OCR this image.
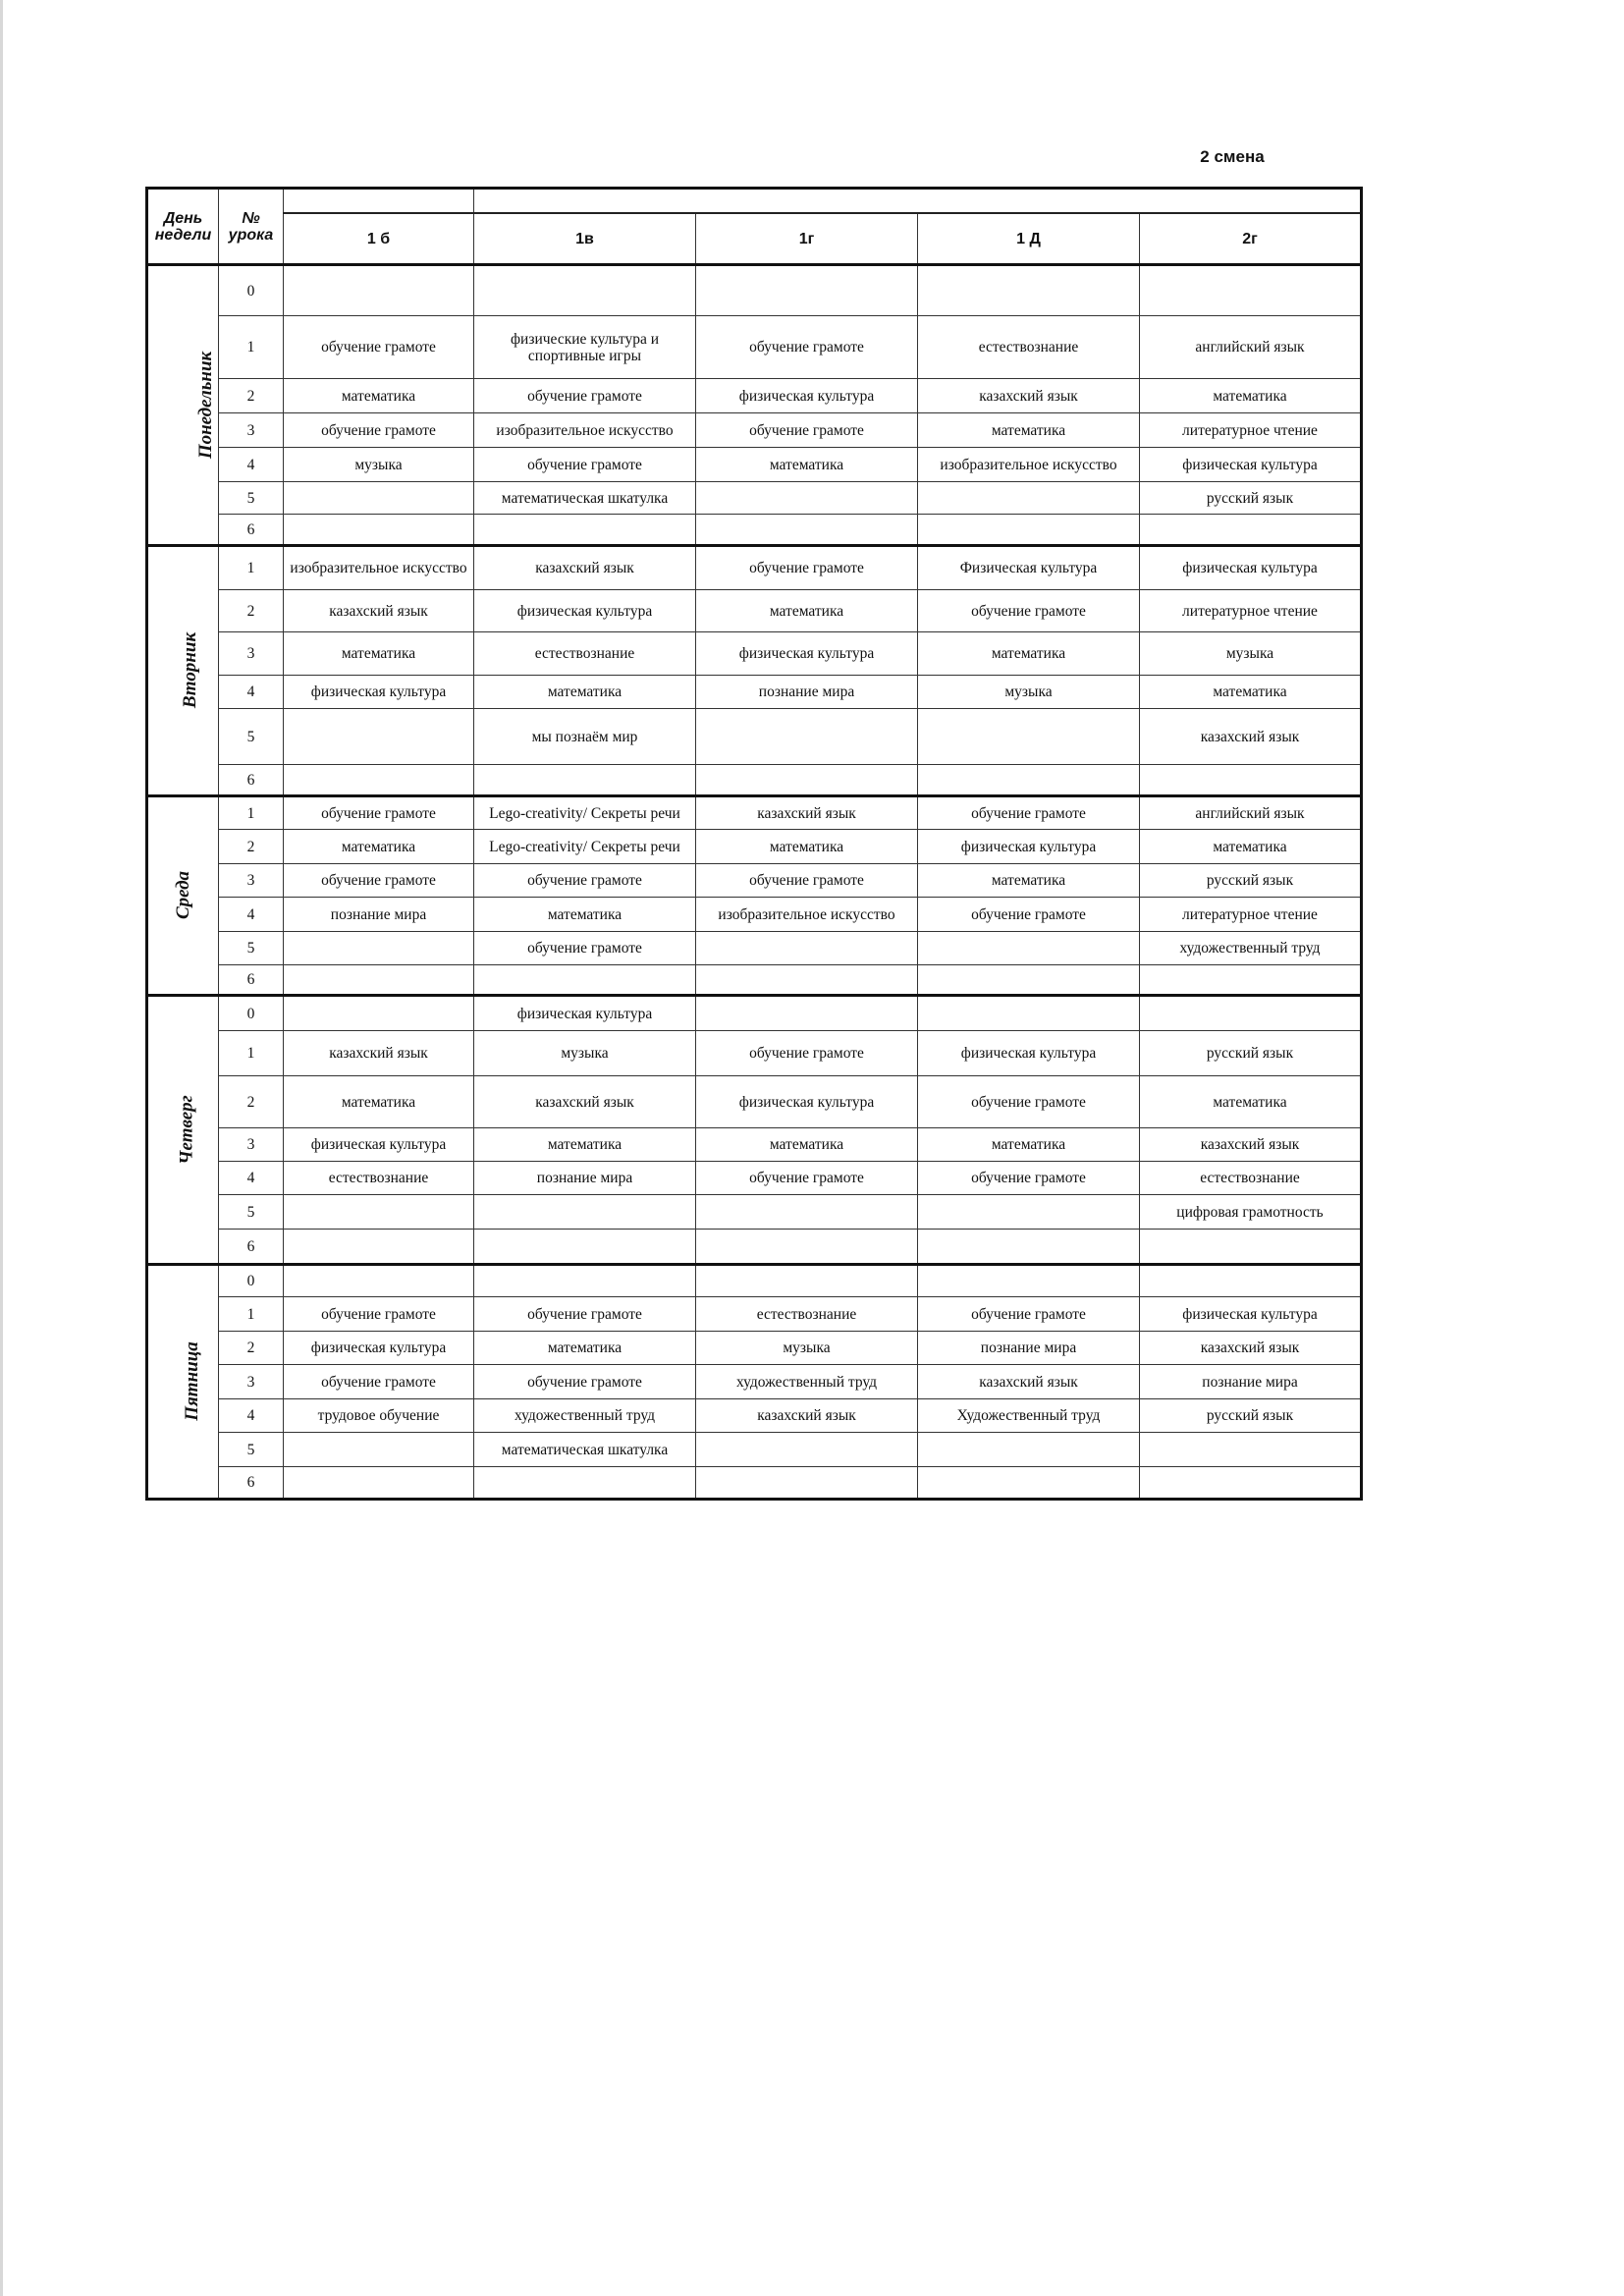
2 смена
День недели	№ урока					
		1 б	1в	1г	1 Д	2г
Понедельник	0					
	1	обучение грамоте	физические культура и спортивные игры	обучение грамоте	естествознание	английский язык
	2	математика	обучение грамоте	физическая культура	казахский язык	математика
	3	обучение грамоте	изобразительное искусство	обучение грамоте	математика	литературное чтение
	4	музыка	обучение грамоте	математика	изобразительное искусство	физическая культура
	5		математическая шкатулка			русский язык
	6					
Вторник	1	изобразительное искусство	казахский язык	обучение грамоте	Физическая культура	физическая культура
	2	казахский язык	физическая культура	математика	обучение грамоте	литературное чтение
	3	математика	естествознание	физическая культура	математика	музыка
	4	физическая культура	математика	познание мира	музыка	математика
	5		мы познаём мир			казахский язык
	6					
Среда	1	обучение грамоте	Lego-creativity/ Секреты речи	казахский язык	обучение грамоте	английский язык
	2	математика	Lego-creativity/ Секреты речи	математика	физическая культура	математика
	3	обучение грамоте	обучение грамоте	обучение грамоте	математика	русский язык
	4	познание мира	математика	изобразительное искусство	обучение грамоте	литературное чтение
	5		обучение грамоте			художественный труд
	6					
Четверг	0		физическая культура			
	1	казахский язык	музыка	обучение грамоте	физическая культура	русский язык
	2	математика	казахский язык	физическая культура	обучение грамоте	математика
	3	физическая культура	математика	математика	математика	казахский язык
	4	естествознание	познание мира	обучение грамоте	обучение грамоте	естествознание
	5					цифровая грамотность
	6					
Пятница	0					
	1	обучение грамоте	обучение грамоте	естествознание	обучение грамоте	физическая культура
	2	физическая культура	математика	музыка	познание мира	казахский язык
	3	обучение грамоте	обучение грамоте	художественный труд	казахский язык	познание мира
	4	трудовое обучение	художественный труд	казахский язык	Художественный труд	русский язык
	5		математическая шкатулка			
	6					
